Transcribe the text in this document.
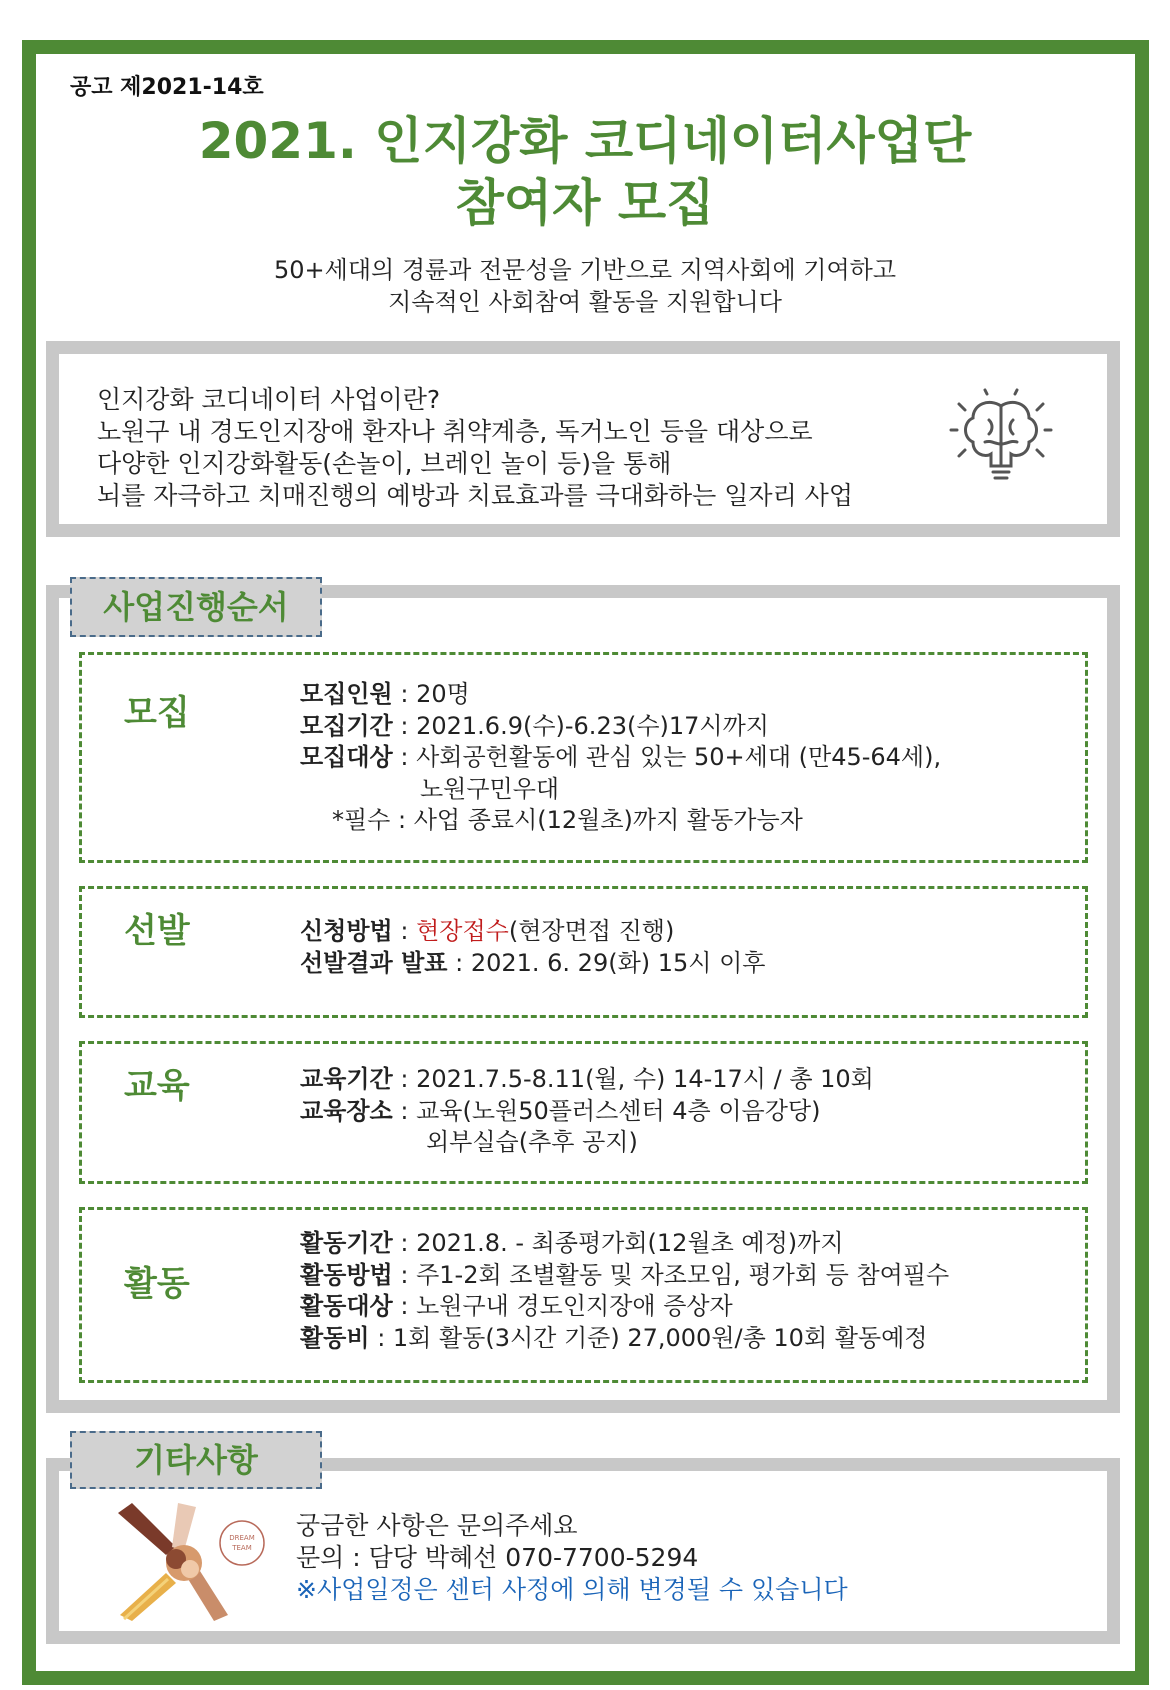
공고 제2021-14호
2021. 인지강화 코디네이터사업단
참여자 모집
50+세대의 경륜과 전문성을 기반으로 지역사회에 기여하고
지속적인 사회참여 활동을 지원합니다
인지강화 코디네이터 사업이란?
노원구 내 경도인지장애 환자나 취약계층, 독거노인 등을 대상으로
다양한 인지강화활동(손놀이, 브레인 놀이 등)을 통해
뇌를 자극하고 치매진행의 예방과 치료효과를 극대화하는 일자리 사업
사업진행순서
모집	모집인원 : 20명
모집기간 : 2021.6.9(수)-6.23(수)17시까지
모집대상 : 사회공헌활동에 관심 있는 50+세대 (만45-64세),
노원구민우대
*필수 : 사업 종료시(12월초)까지 활동가능자
선발	신청방법 : 현장접수(현장면접 진행)
선발결과 발표 : 2021. 6. 29(화) 15시 이후
교육	교육기간 : 2021.7.5-8.11(월, 수) 14-17시 / 총 10회
교육장소 : 교육(노원50플러스센터 4층 이음강당)
외부실습(추후 공지)
활동
활동기간 : 2021.8. - 최종평가회(12월초 예정)까지
활동방법 : 주1-2회 조별활동 및 자조모임, 평가회 등 참여필수
활동대상 : 노원구내 경도인지장애 증상자
활동비 : 1회 활동(3시간 기준) 27,000원/총 10회 활동예정
기타사항
DREAM
TEAM
궁금한 사항은 문의주세요
문의 : 담당 박혜선 070-7700-5294
※사업일정은 센터 사정에 의해 변경될 수 있습니다
